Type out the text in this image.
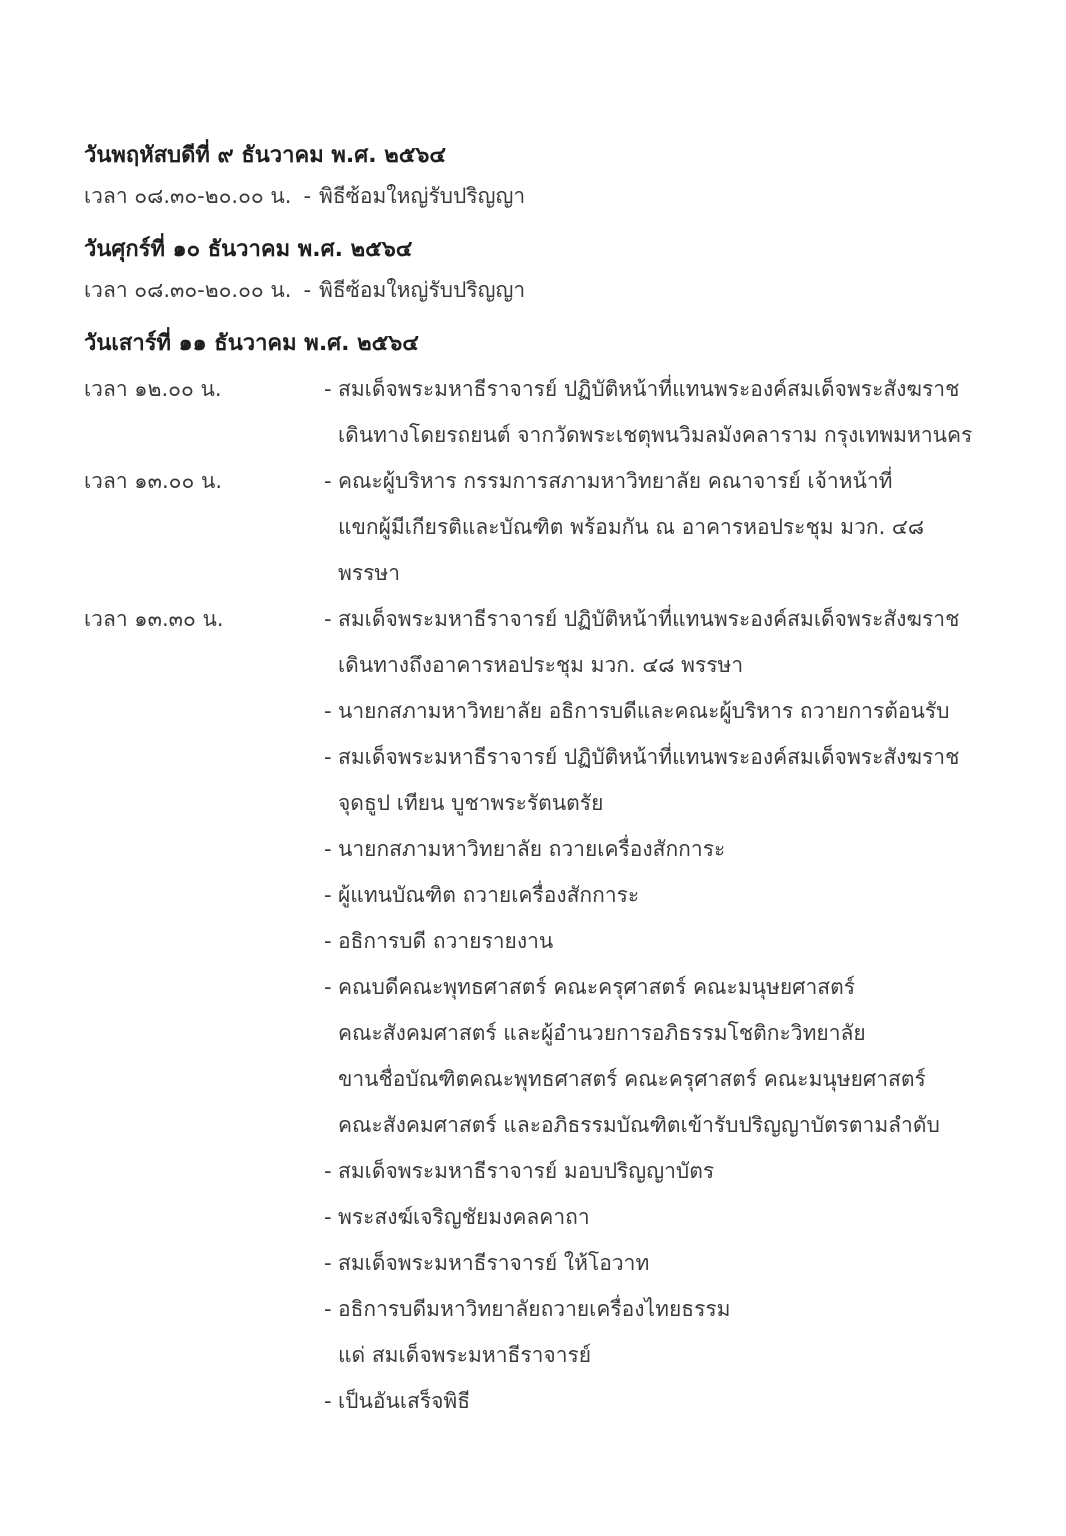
วันพฤหัสบดีที่ ๙ ธันวาคม พ.ศ. ๒๕๖๔
เวลา ๐๘.๓๐-๒๐.๐๐ น. - พิธีซ้อมใหญ่รับปริญญา
วันศุกร์ที่ ๑๐ ธันวาคม พ.ศ. ๒๕๖๔
เวลา ๐๘.๓๐-๒๐.๐๐ น. - พิธีซ้อมใหญ่รับปริญญา
วันเสาร์ที่ ๑๑ ธันวาคม พ.ศ. ๒๕๖๔
เวลา ๑๒.๐๐ น.	- สมเด็จพระมหาธีราจารย์ ปฏิบัติหน้าที่แทนพระองค์สมเด็จพระสังฆราช
เดินทางโดยรถยนต์ จากวัดพระเชตุพนวิมลมังคลาราม กรุงเทพมหานคร
เวลา ๑๓.๐๐ น.	- คณะผู้บริหาร กรรมการสภามหาวิทยาลัย คณาจารย์ เจ้าหน้าที่
แขกผู้มีเกียรติและบัณฑิต พร้อมกัน ณ อาคารหอประชุม มวก. ๔๘
พรรษา
เวลา ๑๓.๓๐ น.	- สมเด็จพระมหาธีราจารย์ ปฏิบัติหน้าที่แทนพระองค์สมเด็จพระสังฆราช
เดินทางถึงอาคารหอประชุม มวก. ๔๘ พรรษา
- นายกสภามหาวิทยาลัย อธิการบดีและคณะผู้บริหาร ถวายการต้อนรับ
- สมเด็จพระมหาธีราจารย์ ปฏิบัติหน้าที่แทนพระองค์สมเด็จพระสังฆราช
จุดธูป เทียน บูชาพระรัตนตรัย
- นายกสภามหาวิทยาลัย ถวายเครื่องสักการะ
- ผู้แทนบัณฑิต ถวายเครื่องสักการะ
- อธิการบดี ถวายรายงาน
- คณบดีคณะพุทธศาสตร์ คณะครุศาสตร์ คณะมนุษยศาสตร์
คณะสังคมศาสตร์ และผู้อำนวยการอภิธรรมโชติกะวิทยาลัย
ขานชื่อบัณฑิตคณะพุทธศาสตร์ คณะครุศาสตร์ คณะมนุษยศาสตร์
คณะสังคมศาสตร์ และอภิธรรมบัณฑิตเข้ารับปริญญาบัตรตามลำดับ
- สมเด็จพระมหาธีราจารย์ มอบปริญญาบัตร
- พระสงฆ์เจริญชัยมงคลคาถา
- สมเด็จพระมหาธีราจารย์ ให้โอวาท
- อธิการบดีมหาวิทยาลัยถวายเครื่องไทยธรรม
แด่ สมเด็จพระมหาธีราจารย์
- เป็นอันเสร็จพิธี
